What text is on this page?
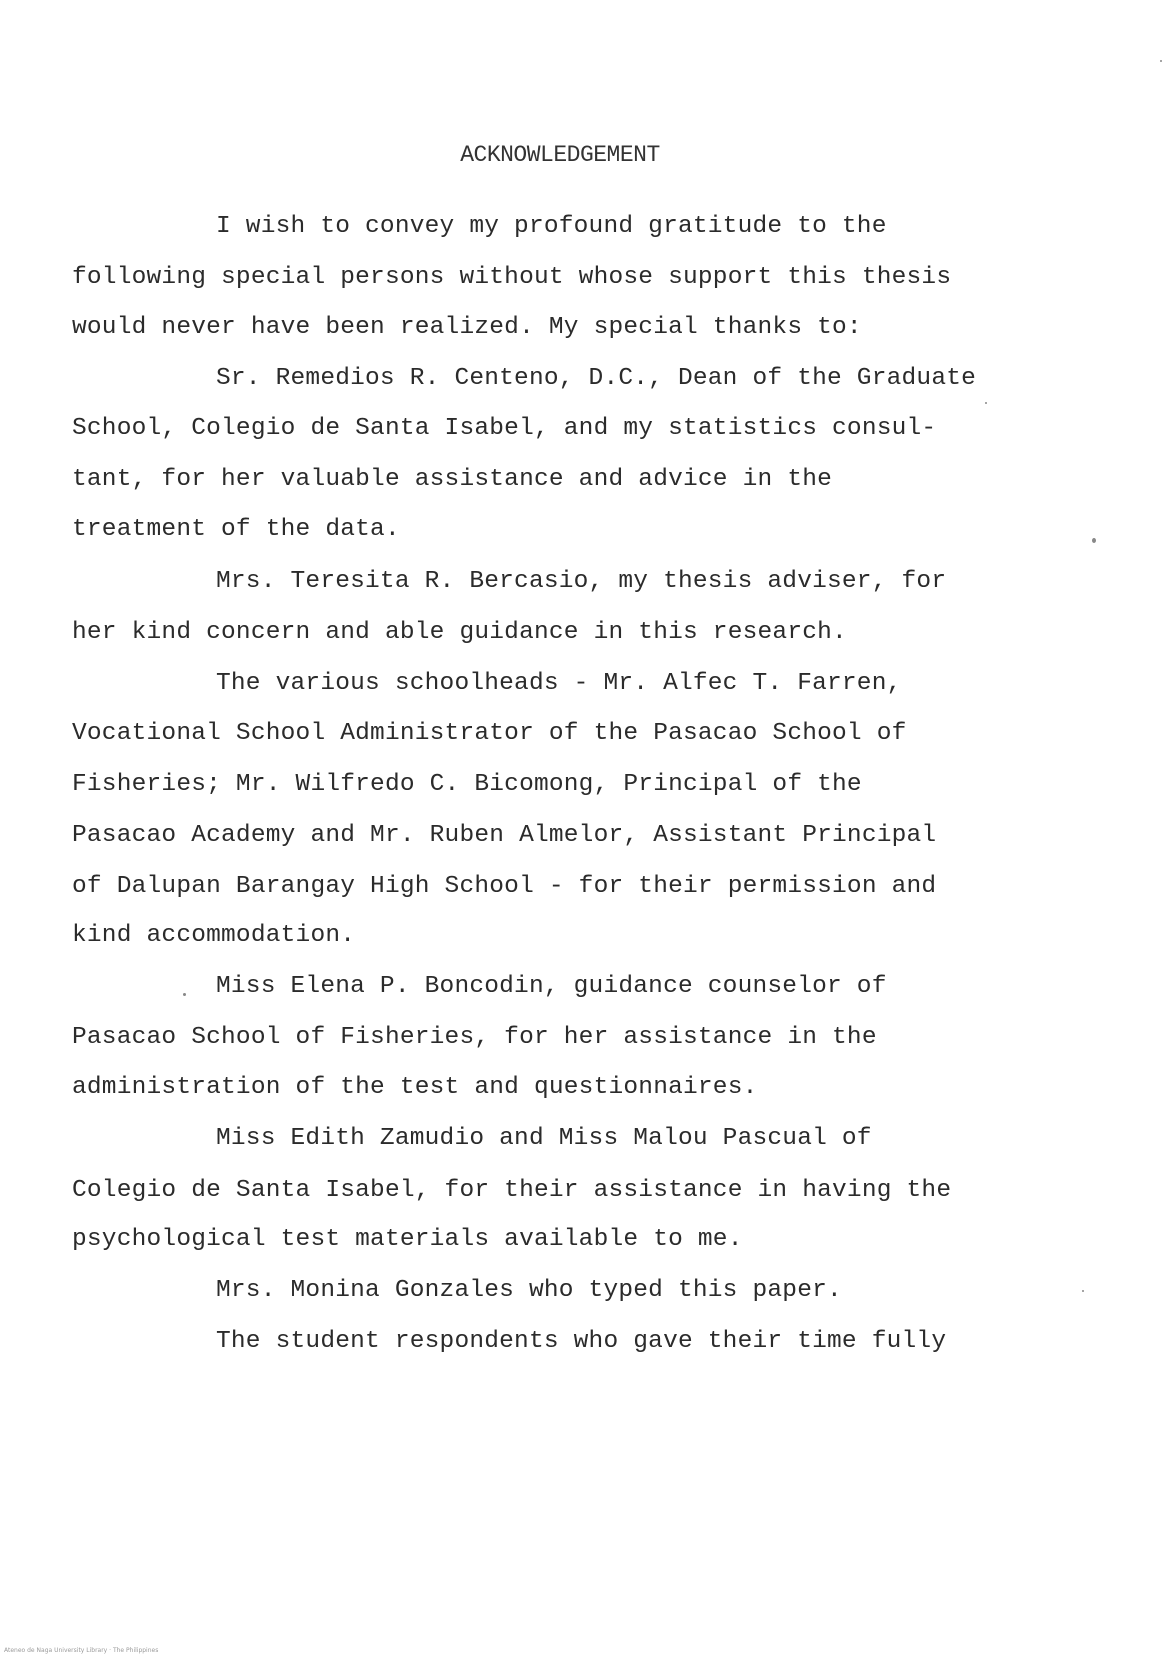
ACKNOWLEDGEMENT
I wish to convey my profound gratitude to the
following special persons without whose support this thesis
would never have been realized. My special thanks to:
Sr. Remedios R. Centeno, D.C., Dean of the Graduate
School, Colegio de Santa Isabel, and my statistics consul-
tant, for her valuable assistance and advice in the
treatment of the data.
Mrs. Teresita R. Bercasio, my thesis adviser, for
her kind concern and able guidance in this research.
The various schoolheads - Mr. Alfec T. Farren,
Vocational School Administrator of the Pasacao School of
Fisheries; Mr. Wilfredo C. Bicomong, Principal of the
Pasacao Academy and Mr. Ruben Almelor, Assistant Principal
of Dalupan Barangay High School - for their permission and
kind accommodation.
Miss Elena P. Boncodin, guidance counselor of
Pasacao School of Fisheries, for her assistance in the
administration of the test and questionnaires.
Miss Edith Zamudio and Miss Malou Pascual of
Colegio de Santa Isabel, for their assistance in having the
psychological test materials available to me.
Mrs. Monina Gonzales who typed this paper.
The student respondents who gave their time fully
Ateneo de Naga University Library · The Philippines
